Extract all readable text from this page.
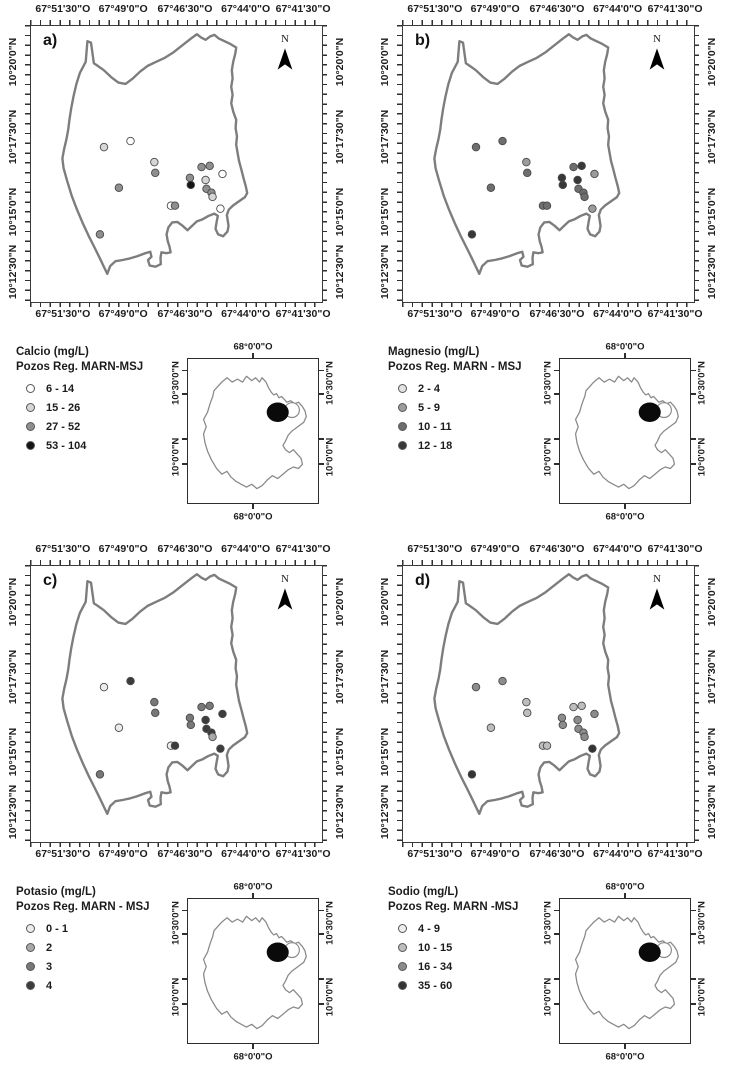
a)	N
Calcio (mg/L)
Pozos Reg. MARN-MSJ
6 - 14
15 - 26
27 - 52
53 - 104
67°51'30"O
67°51'30"O
67°49'0"O
67°49'0"O
67°46'30"O
67°46'30"O
67°44'0"O
67°44'0"O
67°41'30"O
67°41'30"O
10°20'0"N	10°20'0"N
10°17'30"N	10°17'30"N
10°15'0"N	10°15'0"N
10°12'30"N	10°12'30"N
68°0'0"O
68°0'0"O
10°30'0"N	10°30'0"N
10°0'0"N	10°0'0"N
b)	N
Magnesio (mg/L)
Pozos Reg. MARN - MSJ
2 - 4
5 - 9
10 - 11
12 - 18
67°51'30"O
67°51'30"O
67°49'0"O
67°49'0"O
67°46'30"O
67°46'30"O
67°44'0"O
67°44'0"O
67°41'30"O
67°41'30"O
10°20'0"N	10°20'0"N
10°17'30"N	10°17'30"N
10°15'0"N	10°15'0"N
10°12'30"N	10°12'30"N
68°0'0"O
68°0'0"O
10°30'0"N	10°30'0"N
10°0'0"N	10°0'0"N
c)	N
Potasio (mg/L)
Pozos Reg. MARN - MSJ
0 - 1
2
3
4
67°51'30"O
67°51'30"O
67°49'0"O
67°49'0"O
67°46'30"O
67°46'30"O
67°44'0"O
67°44'0"O
67°41'30"O
67°41'30"O
10°20'0"N	10°20'0"N
10°17'30"N	10°17'30"N
10°15'0"N	10°15'0"N
10°12'30"N	10°12'30"N
68°0'0"O
68°0'0"O
10°30'0"N	10°30'0"N
10°0'0"N	10°0'0"N
d)	N
Sodio (mg/L)
Pozos Reg. MARN -MSJ
4 - 9
10 - 15
16 - 34
35 - 60
67°51'30"O
67°51'30"O
67°49'0"O
67°49'0"O
67°46'30"O
67°46'30"O
67°44'0"O
67°44'0"O
67°41'30"O
67°41'30"O
10°20'0"N	10°20'0"N
10°17'30"N	10°17'30"N
10°15'0"N	10°15'0"N
10°12'30"N	10°12'30"N
68°0'0"O
68°0'0"O
10°30'0"N	10°30'0"N
10°0'0"N	10°0'0"N
